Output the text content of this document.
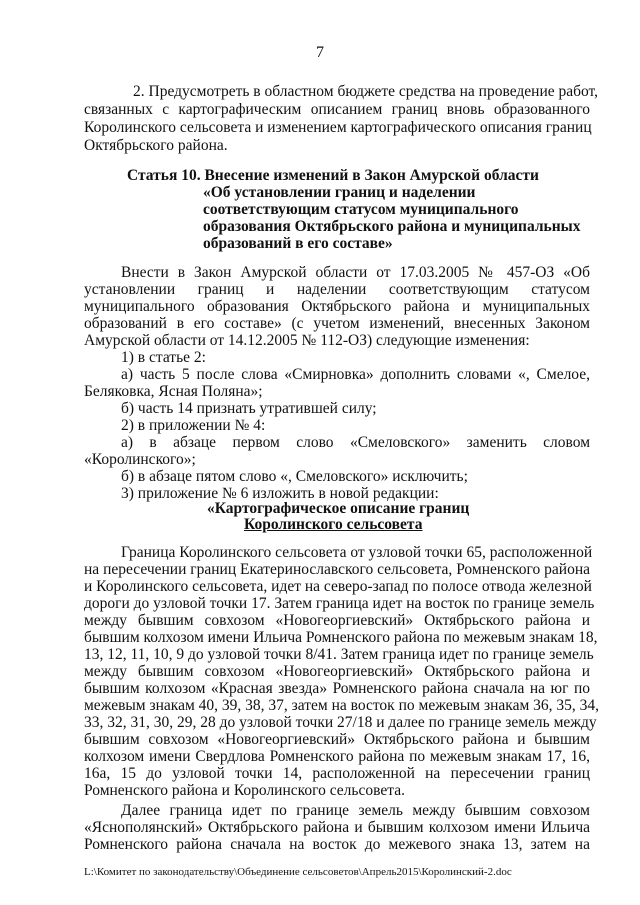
7
2. Предусмотреть в областном бюджете средства на проведение работ,
связанных с картографическим описанием границ вновь образованного
Королинского сельсовета и изменением картографического описания границ
Октябрьского района.
Статья 10. Внесение изменений в Закон Амурской области
«Об установлении границ и наделении
соответствующим статусом муниципального
образования Октябрьского района и муниципальных
образований в его составе»
Внести в Закон Амурской области от 17.03.2005 № 457-ОЗ «Об
установлении границ и наделении соответствующим статусом
муниципального образования Октябрьского района и муниципальных
образований в его составе» (с учетом изменений, внесенных Законом
Амурской области от 14.12.2005 № 112-ОЗ) следующие изменения:
1) в статье 2:
а) часть 5 после слова «Смирновка» дополнить словами «, Смелое,
Беляковка, Ясная Поляна»;
б) часть 14 признать утратившей силу;
2) в приложении № 4:
а) в абзаце первом слово «Смеловского» заменить словом
«Королинского»;
б) в абзаце пятом слово «, Смеловского» исключить;
3) приложение № 6 изложить в новой редакции:
«Картографическое описание границ
Королинского сельсовета
Граница Королинского сельсовета от узловой точки 65, расположенной
на пересечении границ Екатеринославского сельсовета, Ромненского района
и Королинского сельсовета, идет на северо-запад по полосе отвода железной
дороги до узловой точки 17. Затем граница идет на восток по границе земель
между бывшим совхозом «Новогеоргиевский» Октябрьского района и
бывшим колхозом имени Ильича Ромненского района по межевым знакам 18,
13, 12, 11, 10, 9 до узловой точки 8/41. Затем граница идет по границе земель
между бывшим совхозом «Новогеоргиевский» Октябрьского района и
бывшим колхозом «Красная звезда» Ромненского района сначала на юг по
межевым знакам 40, 39, 38, 37, затем на восток по межевым знакам 36, 35, 34,
33, 32, 31, 30, 29, 28 до узловой точки 27/18 и далее по границе земель между
бывшим совхозом «Новогеоргиевский» Октябрьского района и бывшим
колхозом имени Свердлова Ромненского района по межевым знакам 17, 16,
16а, 15 до узловой точки 14, расположенной на пересечении границ
Ромненского района и Королинского сельсовета.
Далее граница идет по границе земель между бывшим совхозом
«Яснополянский» Октябрьского района и бывшим колхозом имени Ильича
Ромненского района сначала на восток до межевого знака 13, затем на
L:\Комитет по законодательству\Объединение сельсоветов\Апрель2015\Королинский-2.doc
